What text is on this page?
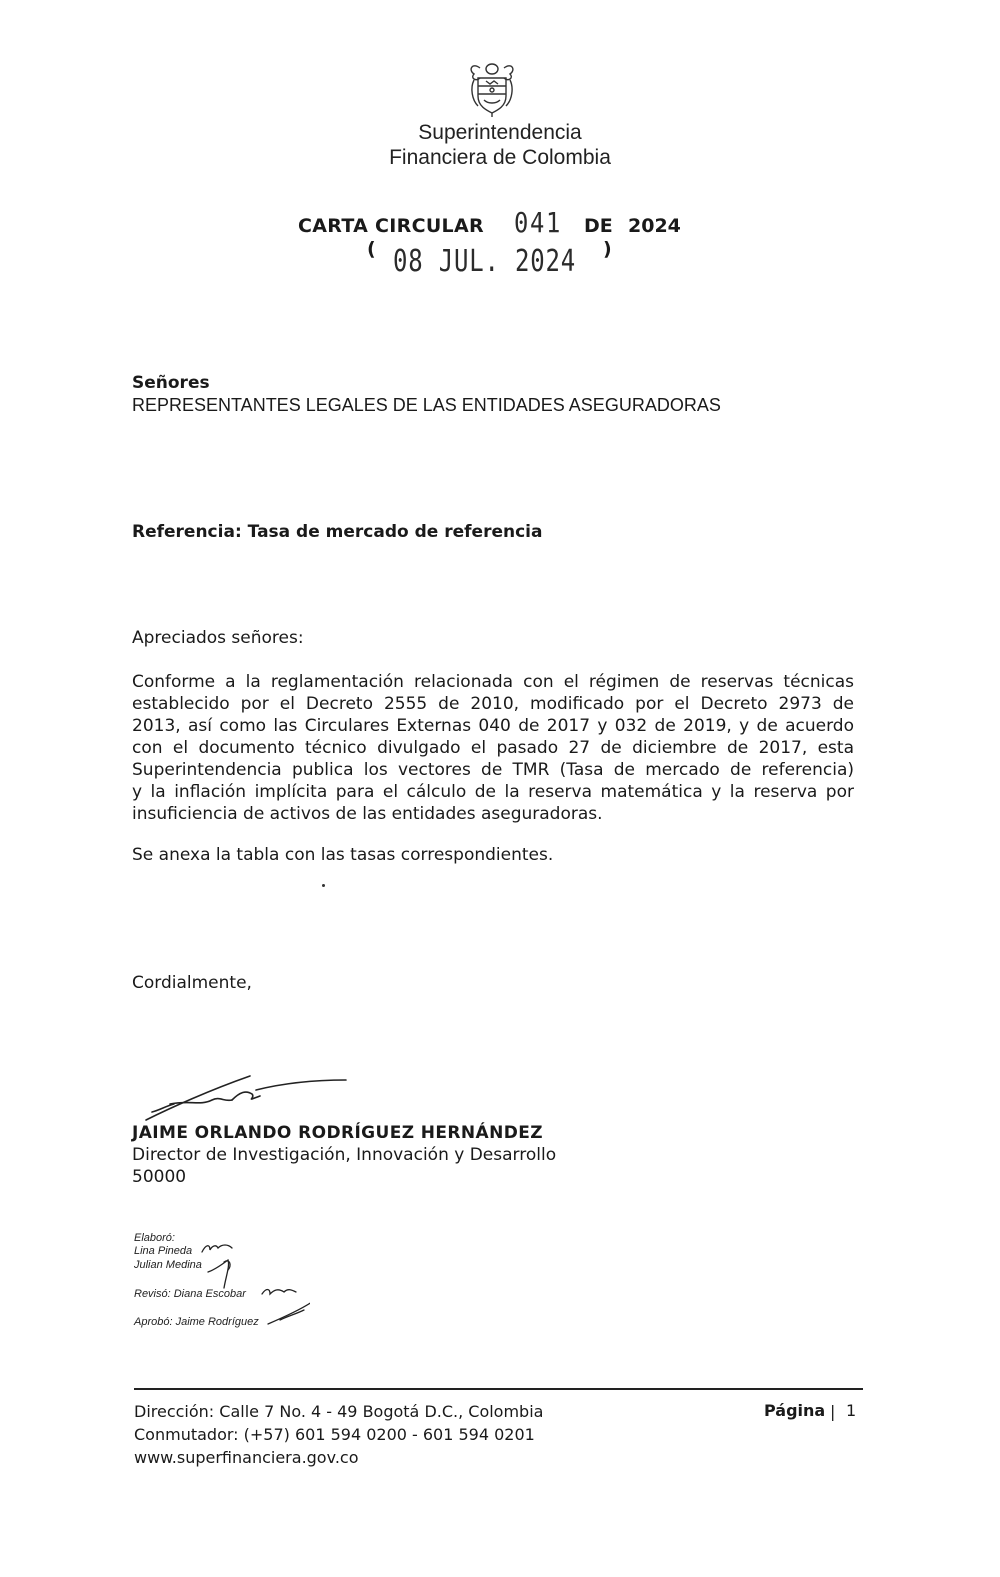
Superintendencia
Financiera de Colombia
CARTA CIRCULAR 041 DE 2024
( 08 JUL. 2024 )
Señores
REPRESENTANTES LEGALES DE LAS ENTIDADES ASEGURADORAS
Referencia: Tasa de mercado de referencia
Apreciados señores:
Conforme a la reglamentación relacionada con el régimen de reservas técnicas
establecido por el Decreto 2555 de 2010, modificado por el Decreto 2973 de
2013, así como las Circulares Externas 040 de 2017 y 032 de 2019, y de acuerdo
con el documento técnico divulgado el pasado 27 de diciembre de 2017, esta
Superintendencia publica los vectores de TMR (Tasa de mercado de referencia)
y la inflación implícita para el cálculo de la reserva matemática y la reserva por
insuficiencia de activos de las entidades aseguradoras.
Se anexa la tabla con las tasas correspondientes.
Cordialmente,
JAIME ORLANDO RODRÍGUEZ HERNÁNDEZ
Director de Investigación, Innovación y Desarrollo
50000
Elaboró:
Lina Pineda
Julian Medina
Revisó: Diana Escobar
Aprobó: Jaime Rodríguez
Dirección: Calle 7 No. 4 - 49 Bogotá D.C., Colombia
Conmutador: (+57) 601 594 0200 - 601 594 0201
www.superfinanciera.gov.co
Página | 1
